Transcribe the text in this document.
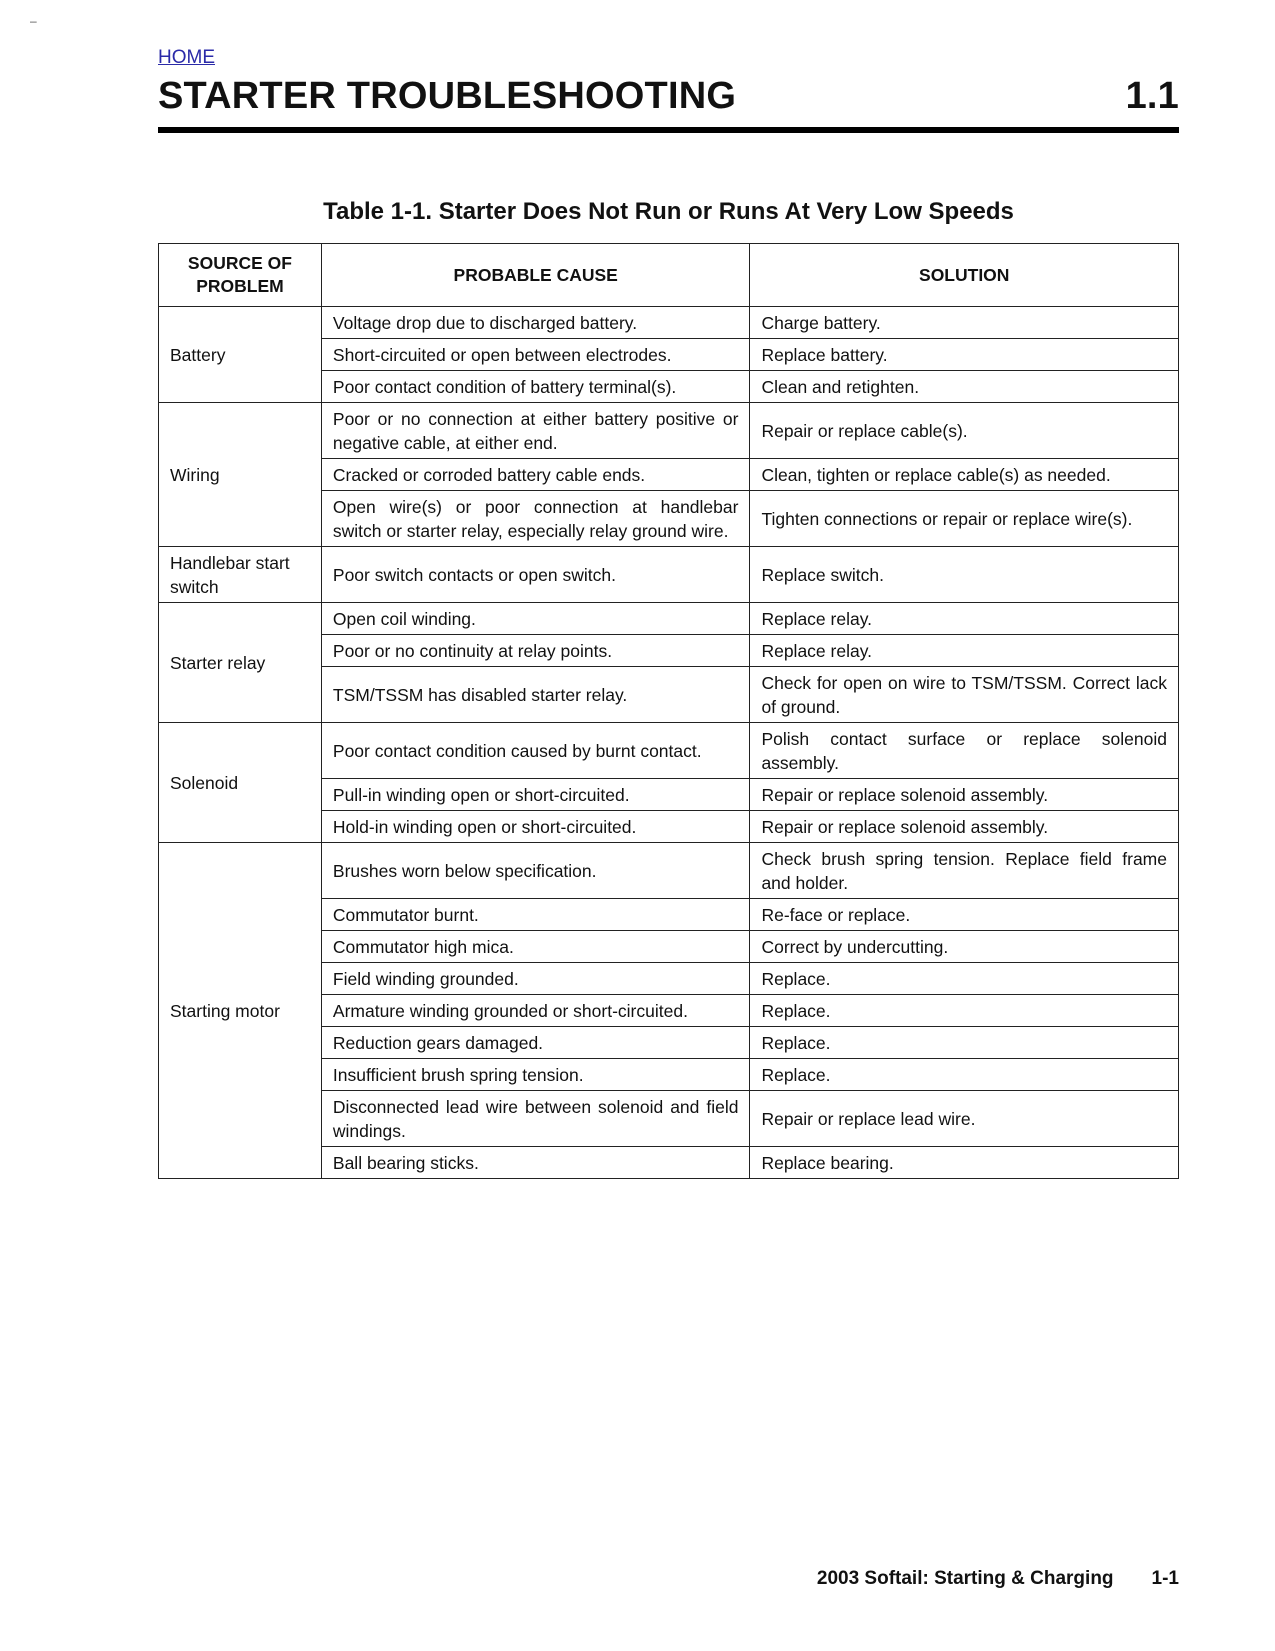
–
HOME
STARTER TROUBLESHOOTING	1.1
Table 1-1. Starter Does Not Run or Runs At Very Low Speeds
SOURCE OF PROBLEM	PROBABLE CAUSE	SOLUTION
Battery	Voltage drop due to discharged battery.	Charge battery.
	Short-circuited or open between electrodes.	Replace battery.
	Poor contact condition of battery terminal(s).	Clean and retighten.
Wiring	Poor or no connection at either battery positive or negative cable, at either end.	Repair or replace cable(s).
	Cracked or corroded battery cable ends.	Clean, tighten or replace cable(s) as needed.
	Open wire(s) or poor connection at handlebar switch or starter relay, especially relay ground wire.	Tighten connections or repair or replace wire(s).
Handlebar start switch	Poor switch contacts or open switch.	Replace switch.
Starter relay	Open coil winding.	Replace relay.
	Poor or no continuity at relay points.	Replace relay.
	TSM/TSSM has disabled starter relay.	Check for open on wire to TSM/TSSM. Correct lack of ground.
Solenoid	Poor contact condition caused by burnt contact.	Polish contact surface or replace solenoid assembly.
	Pull-in winding open or short-circuited.	Repair or replace solenoid assembly.
	Hold-in winding open or short-circuited.	Repair or replace solenoid assembly.
Starting motor	Brushes worn below specification.	Check brush spring tension. Replace field frame and holder.
	Commutator burnt.	Re-face or replace.
	Commutator high mica.	Correct by undercutting.
	Field winding grounded.	Replace.
	Armature winding grounded or short-circuited.	Replace.
	Reduction gears damaged.	Replace.
	Insufficient brush spring tension.	Replace.
	Disconnected lead wire between solenoid and field windings.	Repair or replace lead wire.
	Ball bearing sticks.	Replace bearing.
2003 Softail: Starting & Charging 1-1
